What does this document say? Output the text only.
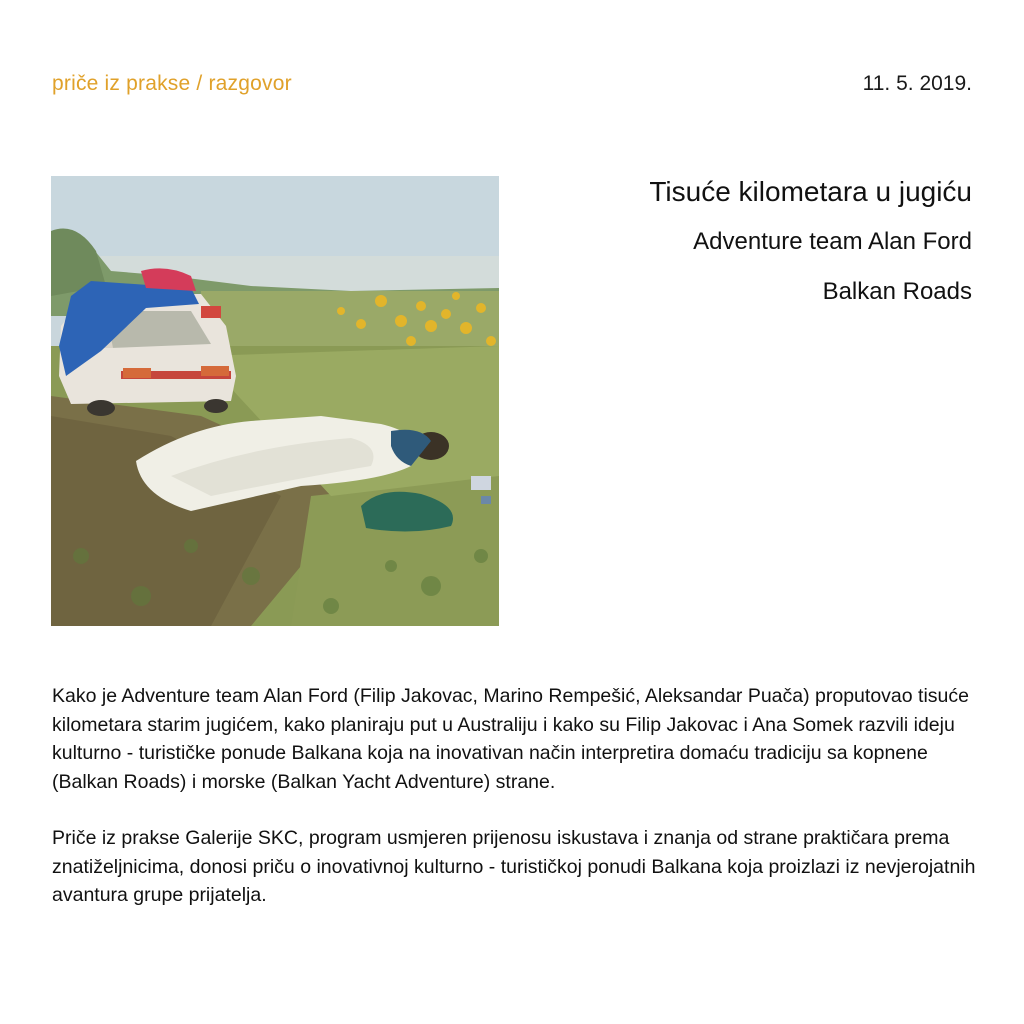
priče iz prakse / razgovor	11. 5. 2019.
Tisuće kilometara u jugiću
Adventure team Alan Ford
Balkan Roads

Kako je Adventure team Alan Ford (Filip Jakovac, Marino Rempešić, Aleksandar Puača) proputovao tisuće kilometara starim jugićem, kako planiraju put u Australiju i kako su Filip Jakovac i Ana Somek razvili ideju kulturno - turističke ponude Balkana koja na inovativan način interpretira domaću tradiciju sa kopnene (Balkan Roads) i morske (Balkan Yacht Adventure) strane.

Priče iz prakse Galerije SKC, program usmjeren prijenosu iskustava i znanja od strane praktičara prema znatiželjnicima, donosi priču o inovativnoj kulturno - turističkoj ponudi Balkana koja proizlazi iz nevjerojatnih avantura grupe prijatelja.
